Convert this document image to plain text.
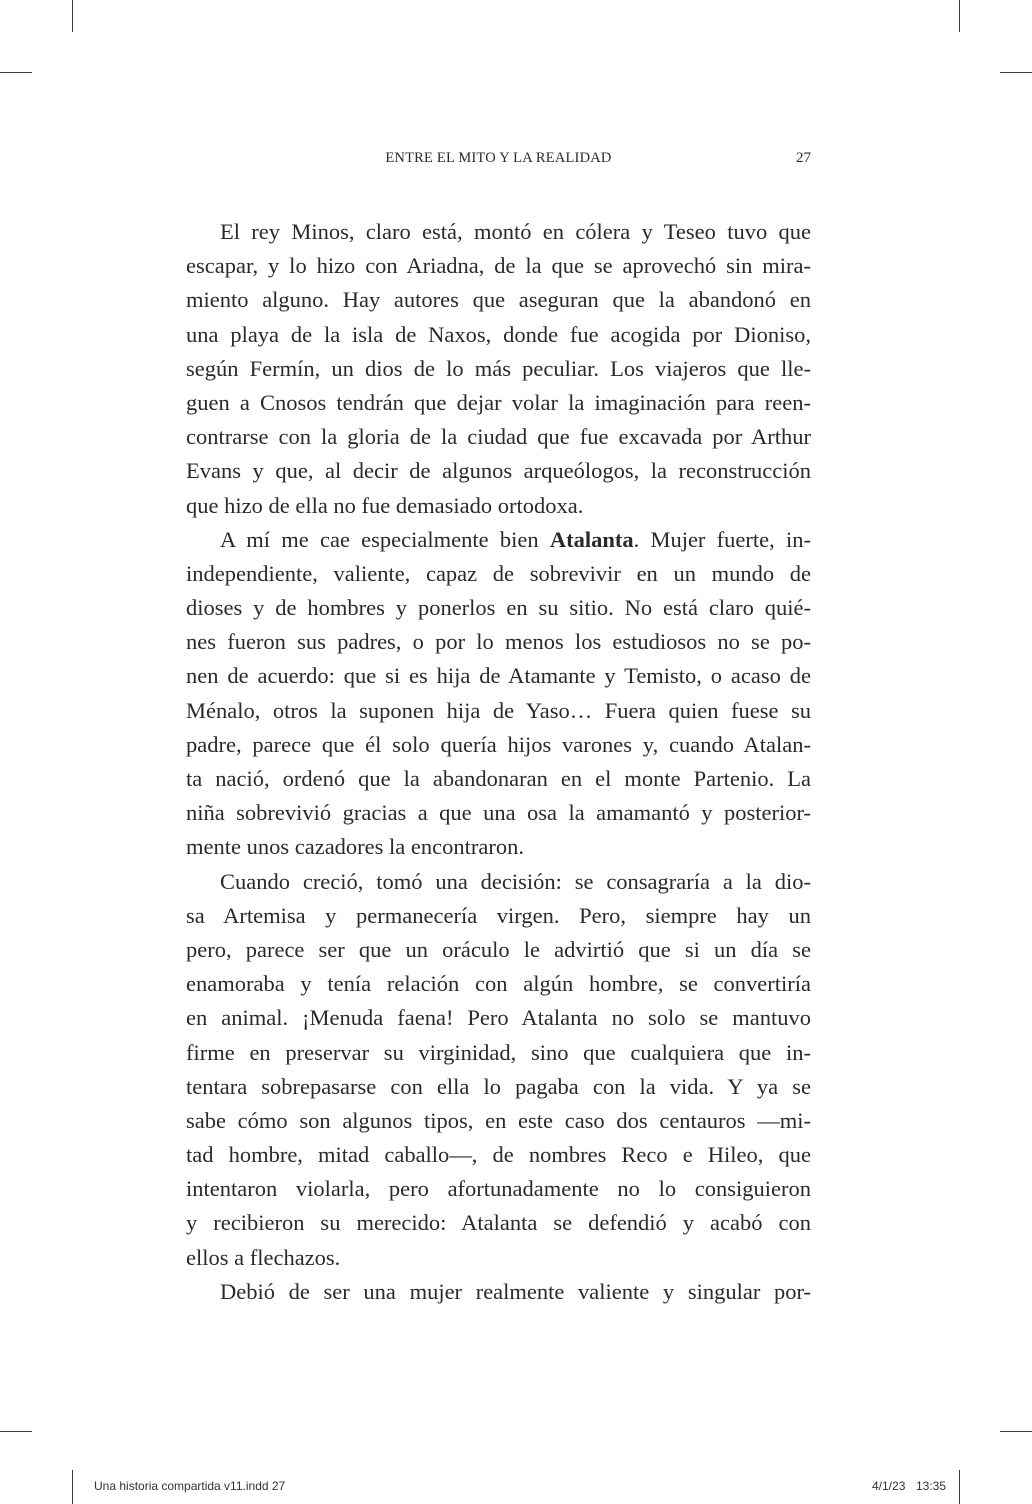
ENTRE EL MITO Y LA REALIDAD	27
El rey Minos, claro está, montó en cólera y Teseo tuvo que
escapar, y lo hizo con Ariadna, de la que se aprovechó sin mira-
miento alguno. Hay autores que aseguran que la abandonó en
una playa de la isla de Naxos, donde fue acogida por Dioniso,
según Fermín, un dios de lo más peculiar. Los viajeros que lle-
guen a Cnosos tendrán que dejar volar la imaginación para reen-
contrarse con la gloria de la ciudad que fue excavada por Arthur
Evans y que, al decir de algunos arqueólogos, la reconstrucción
que hizo de ella no fue demasiado ortodoxa.
A mí me cae especialmente bien Atalanta. Mujer fuerte, in-
independiente, valiente, capaz de sobrevivir en un mundo de
dioses y de hombres y ponerlos en su sitio. No está claro quié-
nes fueron sus padres, o por lo menos los estudiosos no se po-
nen de acuerdo: que si es hija de Atamante y Temisto, o acaso de
Ménalo, otros la suponen hija de Yaso… Fuera quien fuese su
padre, parece que él solo quería hijos varones y, cuando Atalan-
ta nació, ordenó que la abandonaran en el monte Partenio. La
niña sobrevivió gracias a que una osa la amamantó y posterior-
mente unos cazadores la encontraron.
Cuando creció, tomó una decisión: se consagraría a la dio-
sa Artemisa y permanecería virgen. Pero, siempre hay un
pero, parece ser que un oráculo le advirtió que si un día se
enamoraba y tenía relación con algún hombre, se convertiría
en animal. ¡Menuda faena! Pero Atalanta no solo se mantuvo
firme en preservar su virginidad, sino que cualquiera que in-
tentara sobrepasarse con ella lo pagaba con la vida. Y ya se
sabe cómo son algunos tipos, en este caso dos centauros —mi-
tad hombre, mitad caballo—, de nombres Reco e Hileo, que
intentaron violarla, pero afortunadamente no lo consiguieron
y recibieron su merecido: Atalanta se defendió y acabó con
ellos a flechazos.
Debió de ser una mujer realmente valiente y singular por-
Una historia compartida v11.indd 27	4/1/23 13:35
